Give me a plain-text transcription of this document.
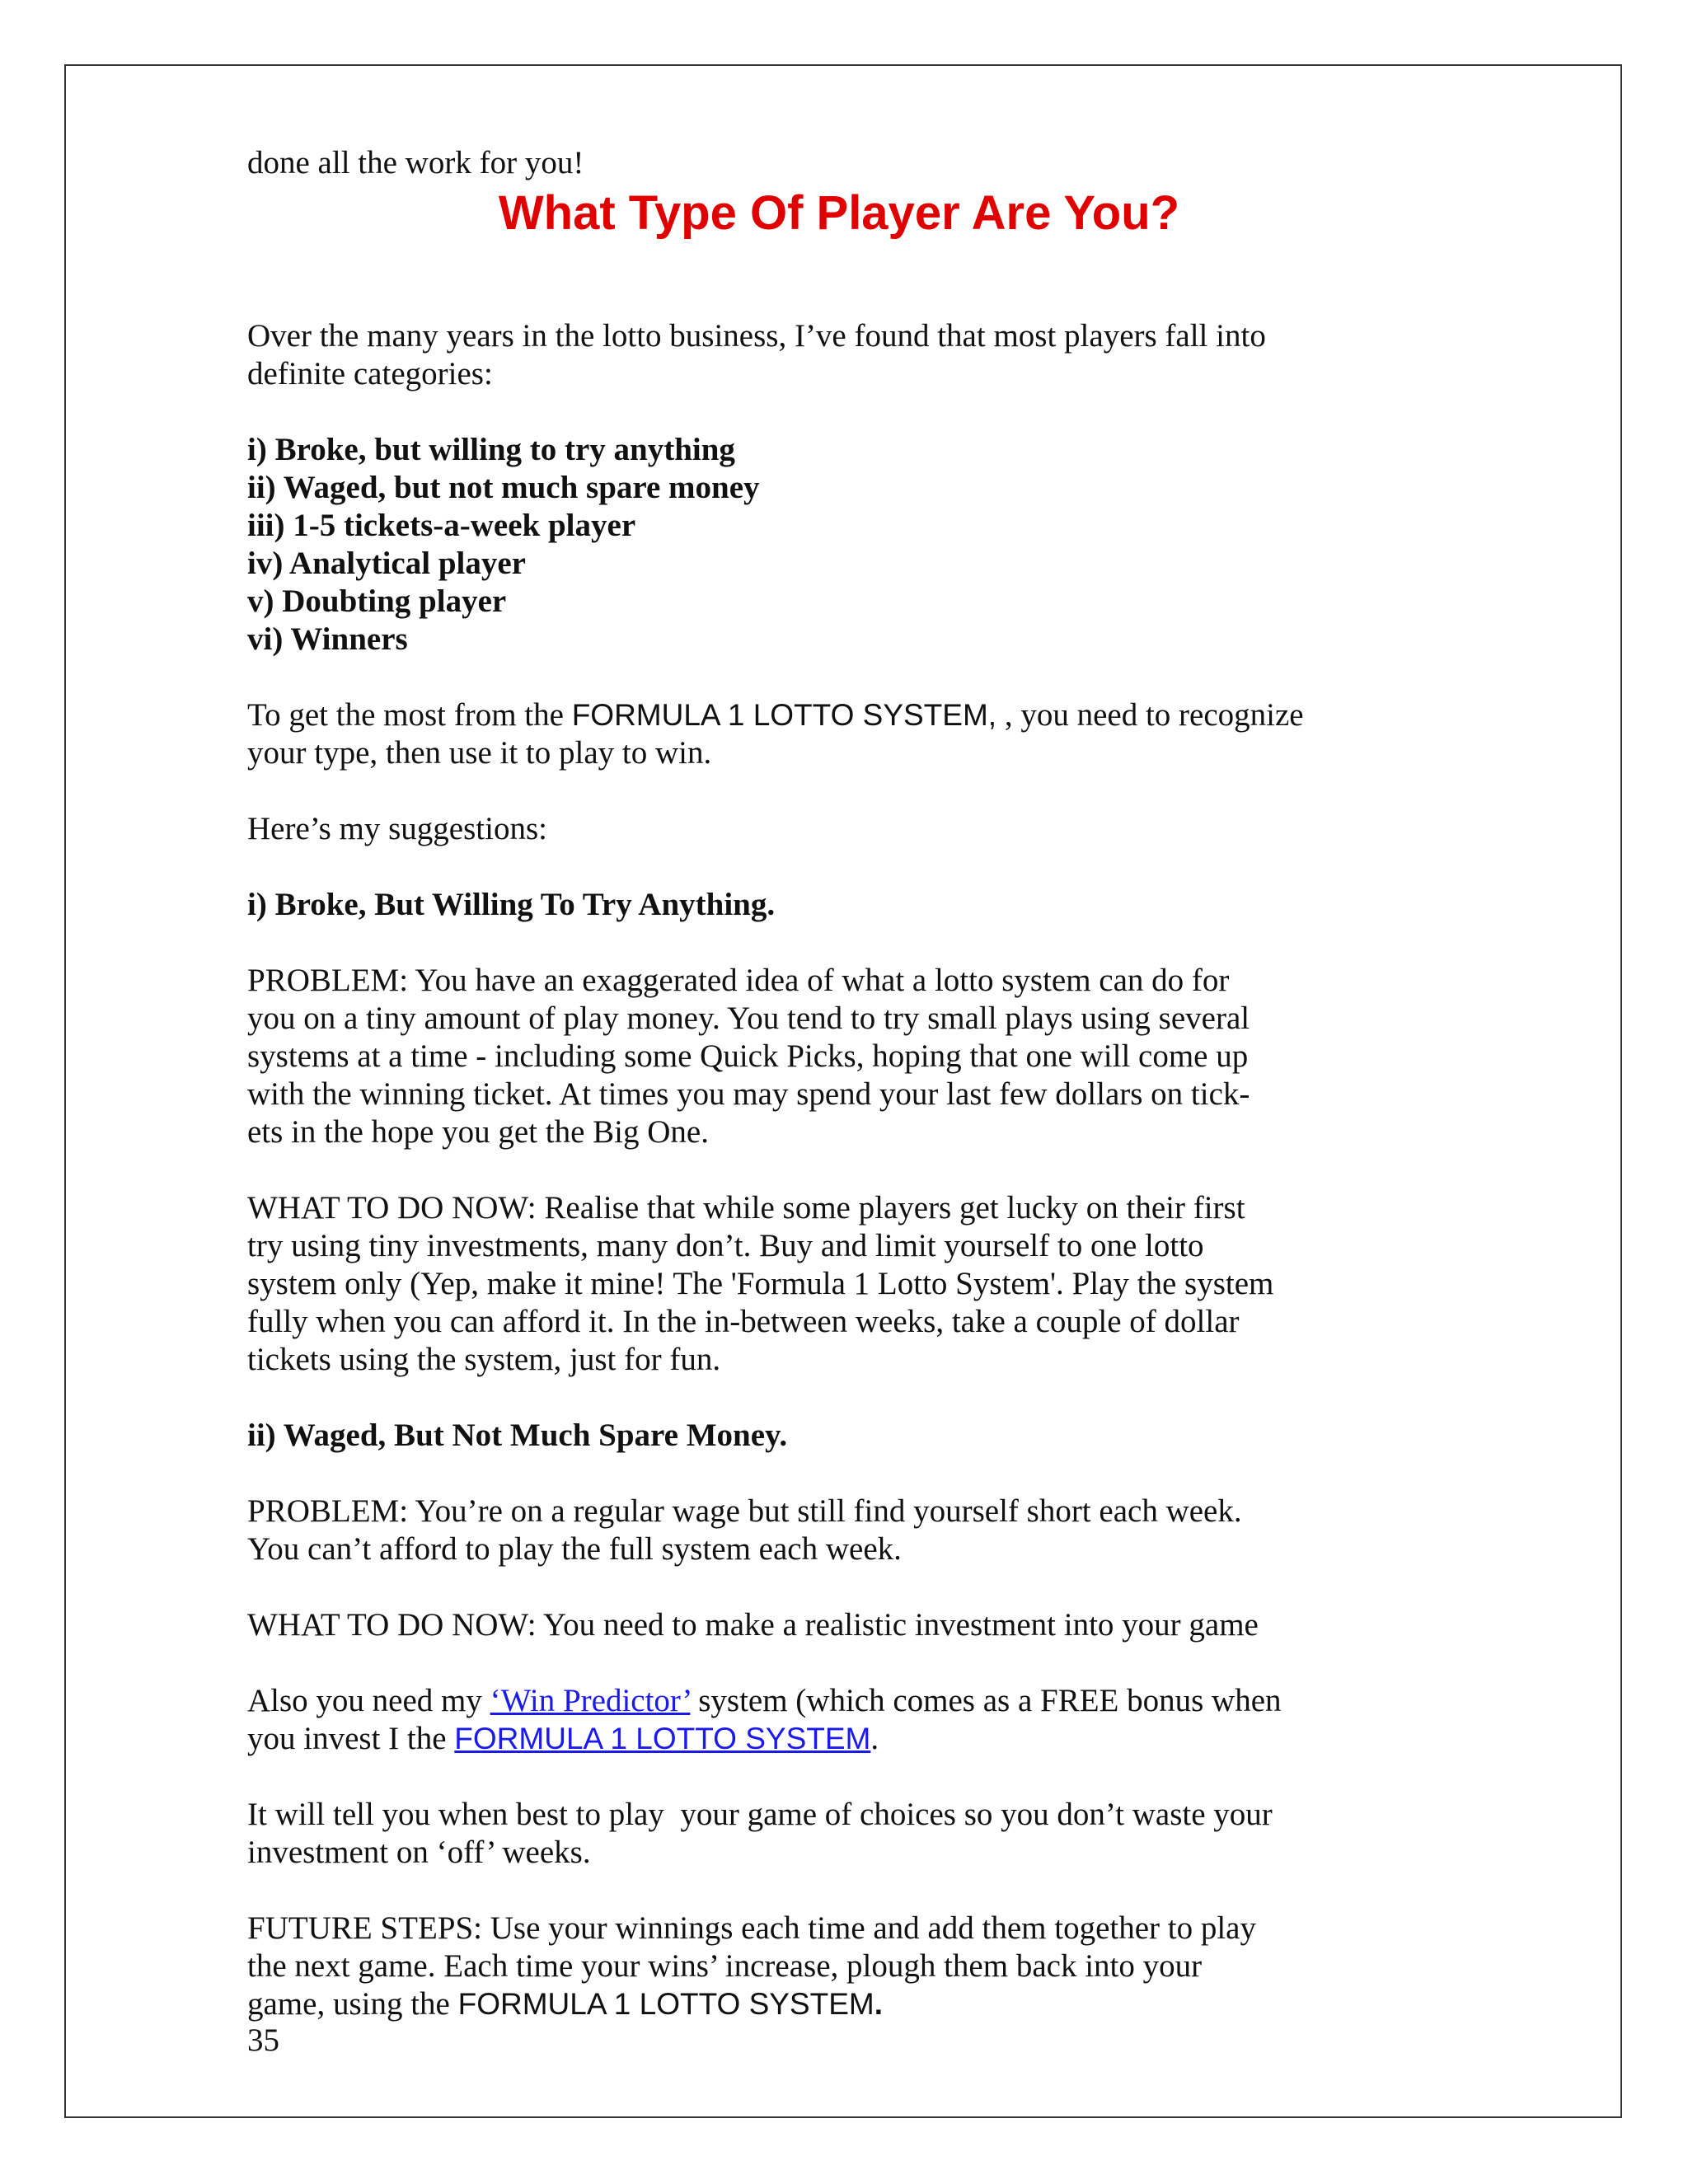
done all the work for you!
What Type Of Player Are You?
Over the many years in the lotto business, I’ve found that most players fall into
definite categories:
i) Broke, but willing to try anything
ii) Waged, but not much spare money
iii) 1-5 tickets-a-week player
iv) Analytical player
v) Doubting player
vi) Winners
To get the most from the FORMULA 1 LOTTO SYSTEM, , you need to recognize
your type, then use it to play to win.
Here’s my suggestions:
i) Broke, But Willing To Try Anything.
PROBLEM: You have an exaggerated idea of what a lotto system can do for
you on a tiny amount of play money. You tend to try small plays using several
systems at a time - including some Quick Picks, hoping that one will come up
with the winning ticket. At times you may spend your last few dollars on tick-
ets in the hope you get the Big One.
WHAT TO DO NOW: Realise that while some players get lucky on their first
try using tiny investments, many don’t. Buy and limit yourself to one lotto
system only (Yep, make it mine! The 'Formula 1 Lotto System'. Play the system
fully when you can afford it. In the in-between weeks, take a couple of dollar
tickets using the system, just for fun.
ii) Waged, But Not Much Spare Money.
PROBLEM: You’re on a regular wage but still find yourself short each week.
You can’t afford to play the full system each week.
WHAT TO DO NOW: You need to make a realistic investment into your game
Also you need my ‘Win Predictor’ system (which comes as a FREE bonus when
you invest I the FORMULA 1 LOTTO SYSTEM.
It will tell you when best to play  your game of choices so you don’t waste your
investment on ‘off’ weeks.
FUTURE STEPS: Use your winnings each time and add them together to play
the next game. Each time your wins’ increase, plough them back into your
game, using the FORMULA 1 LOTTO SYSTEM.
35
